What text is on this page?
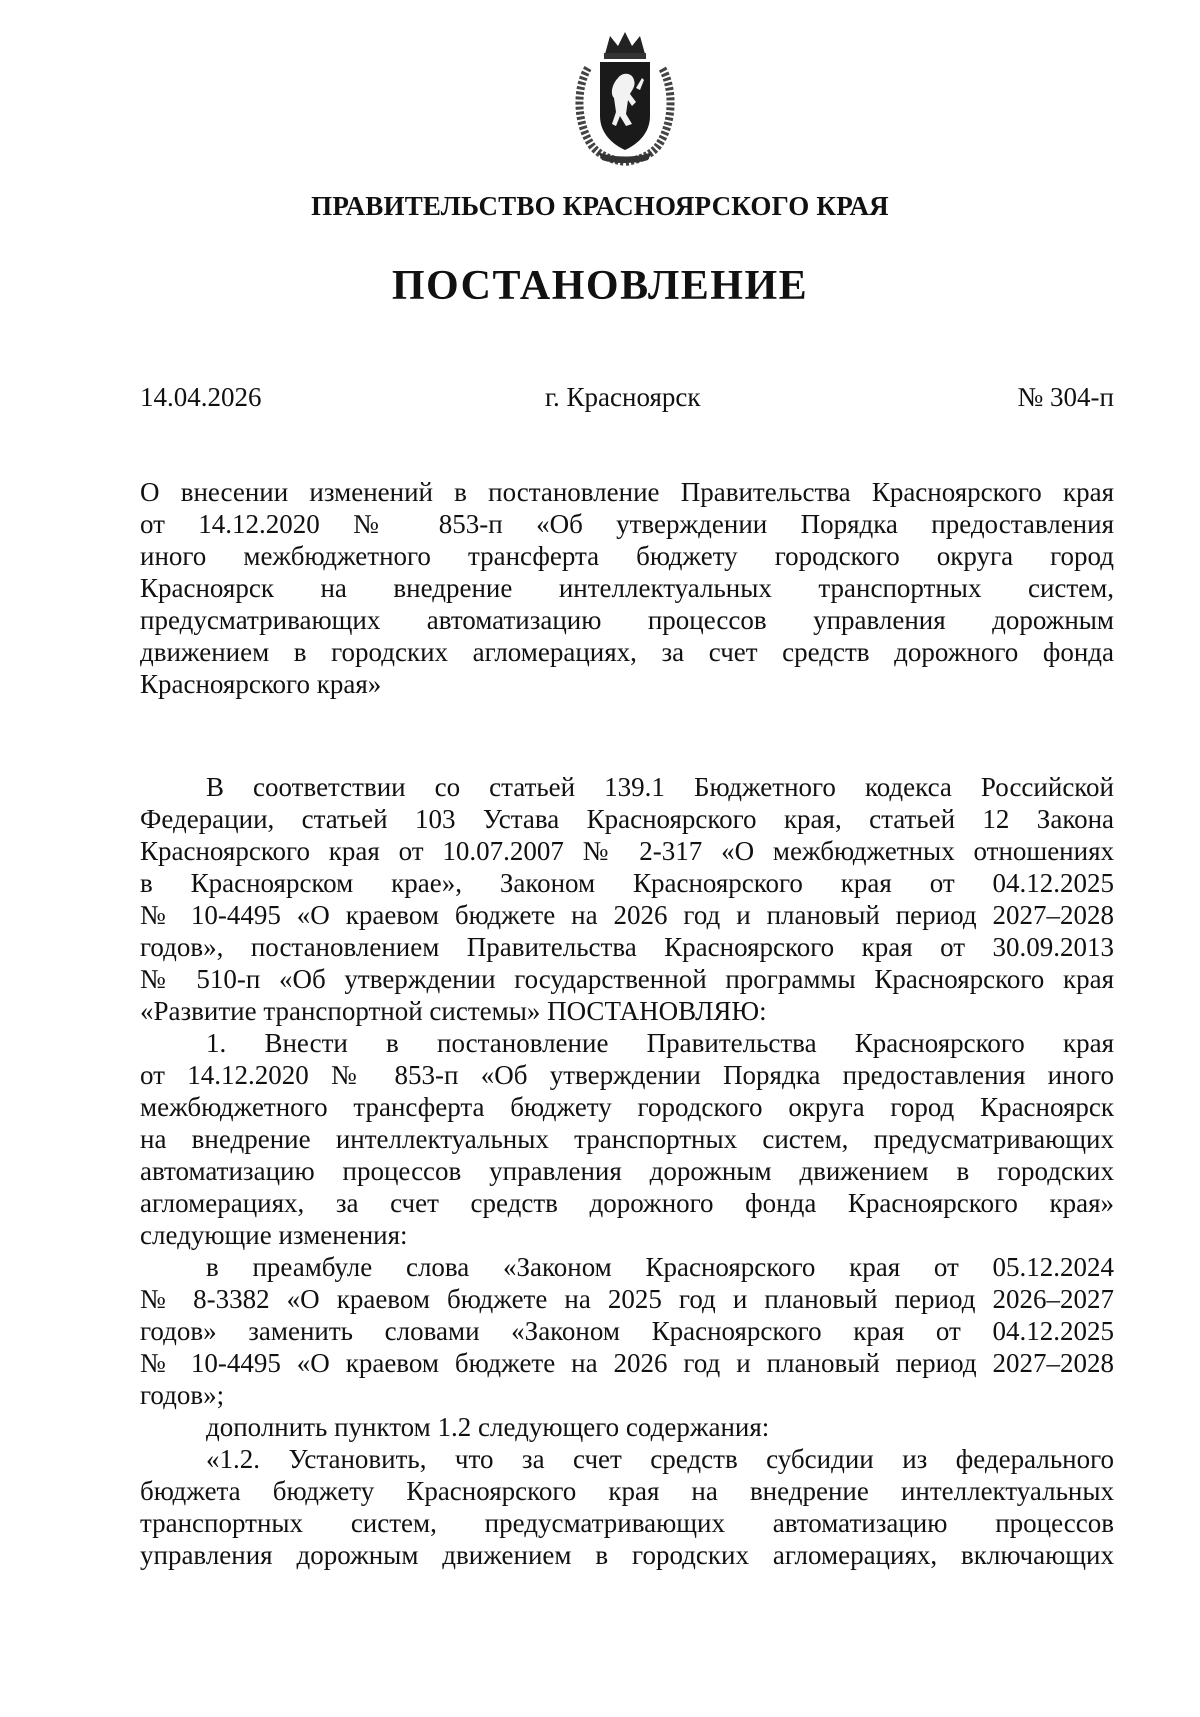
ПРАВИТЕЛЬСТВО КРАСНОЯРСКОГО КРАЯ
ПОСТАНОВЛЕНИЕ
14.04.2026	г. Красноярск	№ 304-п
О внесении изменений в постановление Правительства Красноярского края
от 14.12.2020 № 853-п «Об утверждении Порядка предоставления
иного межбюджетного трансферта бюджету городского округа город
Красноярск на внедрение интеллектуальных транспортных систем,
предусматривающих автоматизацию процессов управления дорожным
движением в городских агломерациях, за счет средств дорожного фонда
Красноярского края»
В соответствии со статьей 139.1 Бюджетного кодекса Российской
Федерации, статьей 103 Устава Красноярского края, статьей 12 Закона
Красноярского края от 10.07.2007 № 2-317 «О межбюджетных отношениях
в Красноярском крае», Законом Красноярского края от 04.12.2025
№ 10-4495 «О краевом бюджете на 2026 год и плановый период 2027–2028
годов», постановлением Правительства Красноярского края от 30.09.2013
№ 510-п «Об утверждении государственной программы Красноярского края
«Развитие транспортной системы» ПОСТАНОВЛЯЮ:
1. Внести в постановление Правительства Красноярского края
от 14.12.2020 № 853-п «Об утверждении Порядка предоставления иного
межбюджетного трансферта бюджету городского округа город Красноярск
на внедрение интеллектуальных транспортных систем, предусматривающих
автоматизацию процессов управления дорожным движением в городских
агломерациях, за счет средств дорожного фонда Красноярского края»
следующие изменения:
в преамбуле слова «Законом Красноярского края от 05.12.2024
№ 8-3382 «О краевом бюджете на 2025 год и плановый период 2026–2027
годов» заменить словами «Законом Красноярского края от 04.12.2025
№ 10-4495 «О краевом бюджете на 2026 год и плановый период 2027–2028
годов»;
дополнить пунктом 1.2 следующего содержания:
«1.2. Установить, что за счет средств субсидии из федерального
бюджета бюджету Красноярского края на внедрение интеллектуальных
транспортных систем, предусматривающих автоматизацию процессов
управления дорожным движением в городских агломерациях, включающих
